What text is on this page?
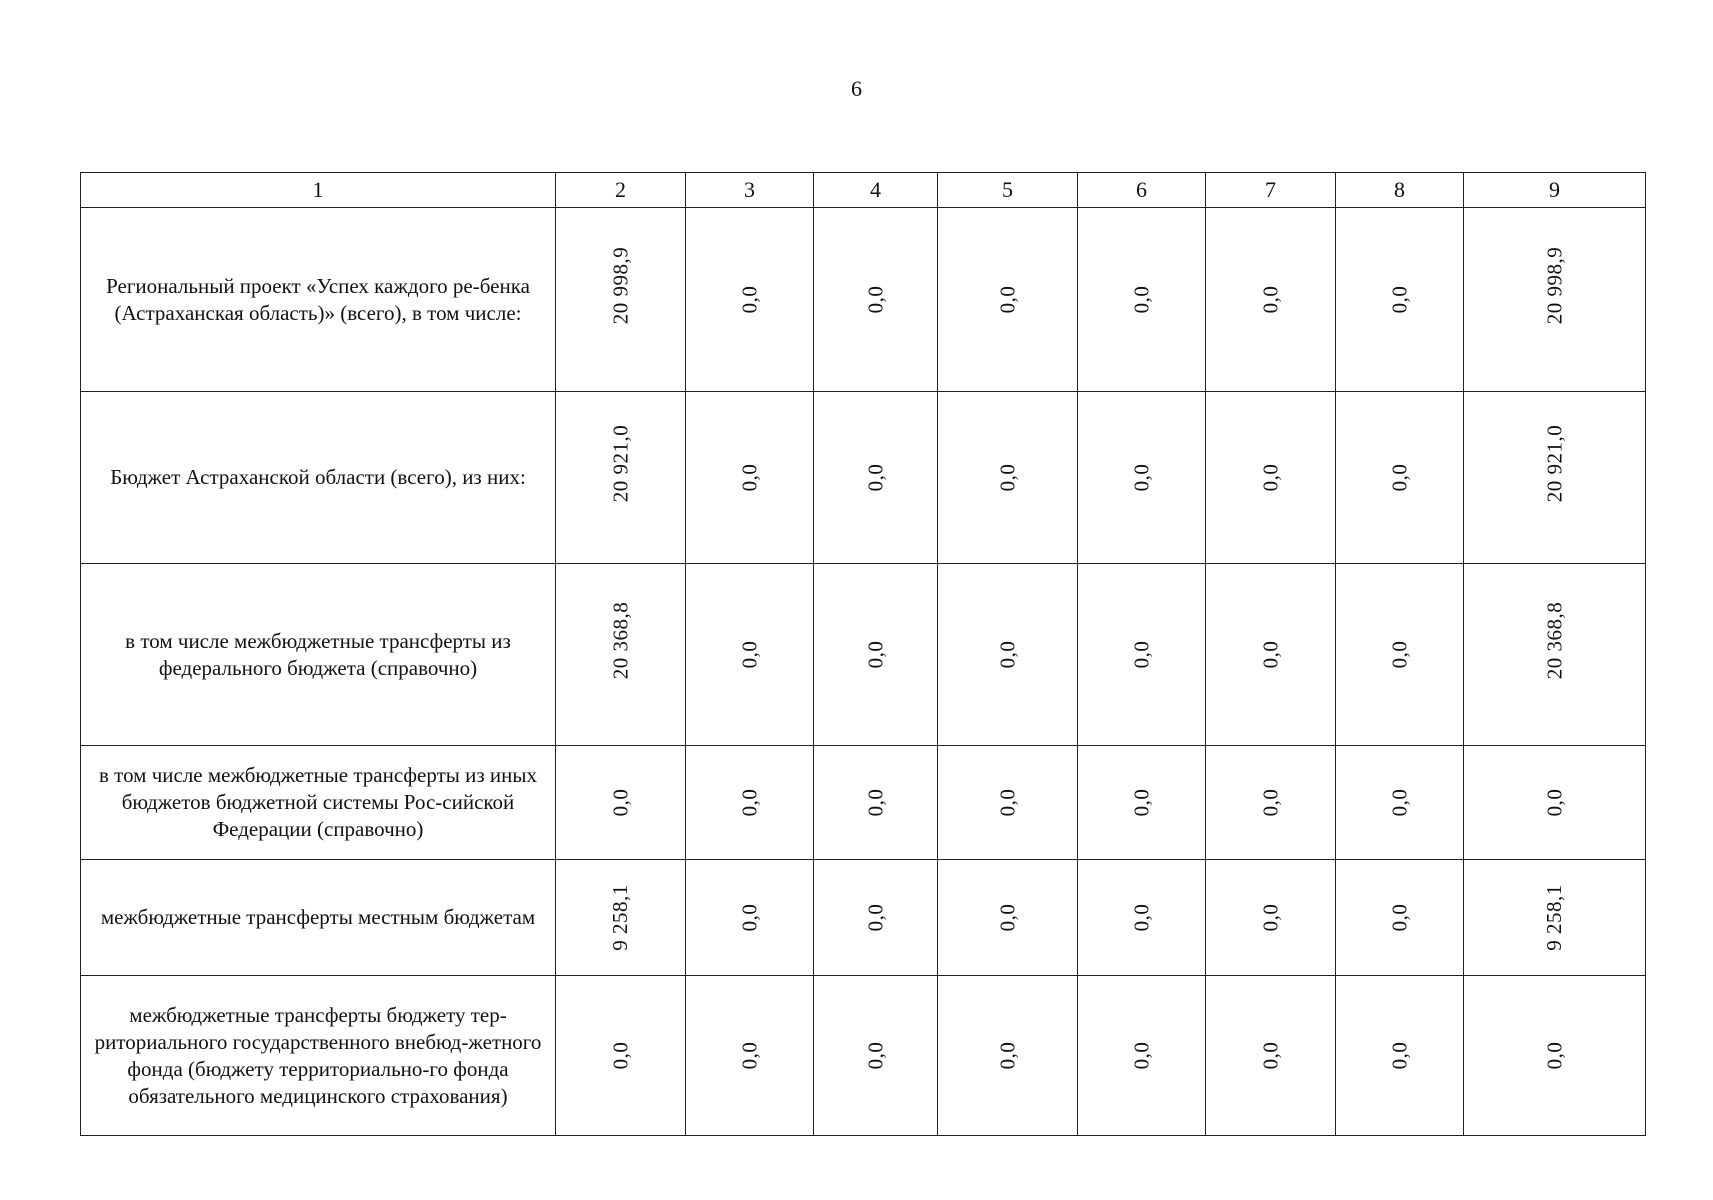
6
1	2	3	4	5	6	7	8	9
Региональный проект «Успех каждого ре-бенка (Астраханская область)» (всего), в том числе:	20 998,9	0,0	0,0	0,0	0,0	0,0	0,0	20 998,9
Бюджет Астраханской области (всего), из них:	20 921,0	0,0	0,0	0,0	0,0	0,0	0,0	20 921,0
в том числе межбюджетные трансферты из федерального бюджета (справочно)	20 368,8	0,0	0,0	0,0	0,0	0,0	0,0	20 368,8
в том числе межбюджетные трансферты из иных бюджетов бюджетной системы Рос-сийской Федерации (справочно)	0,0	0,0	0,0	0,0	0,0	0,0	0,0	0,0
межбюджетные трансферты местным бюджетам	9 258,1	0,0	0,0	0,0	0,0	0,0	0,0	9 258,1
межбюджетные трансферты бюджету тер-риториального государственного внебюд-жетного фонда (бюджету территориально-го фонда обязательного медицинского страхования)	0,0	0,0	0,0	0,0	0,0	0,0	0,0	0,0
